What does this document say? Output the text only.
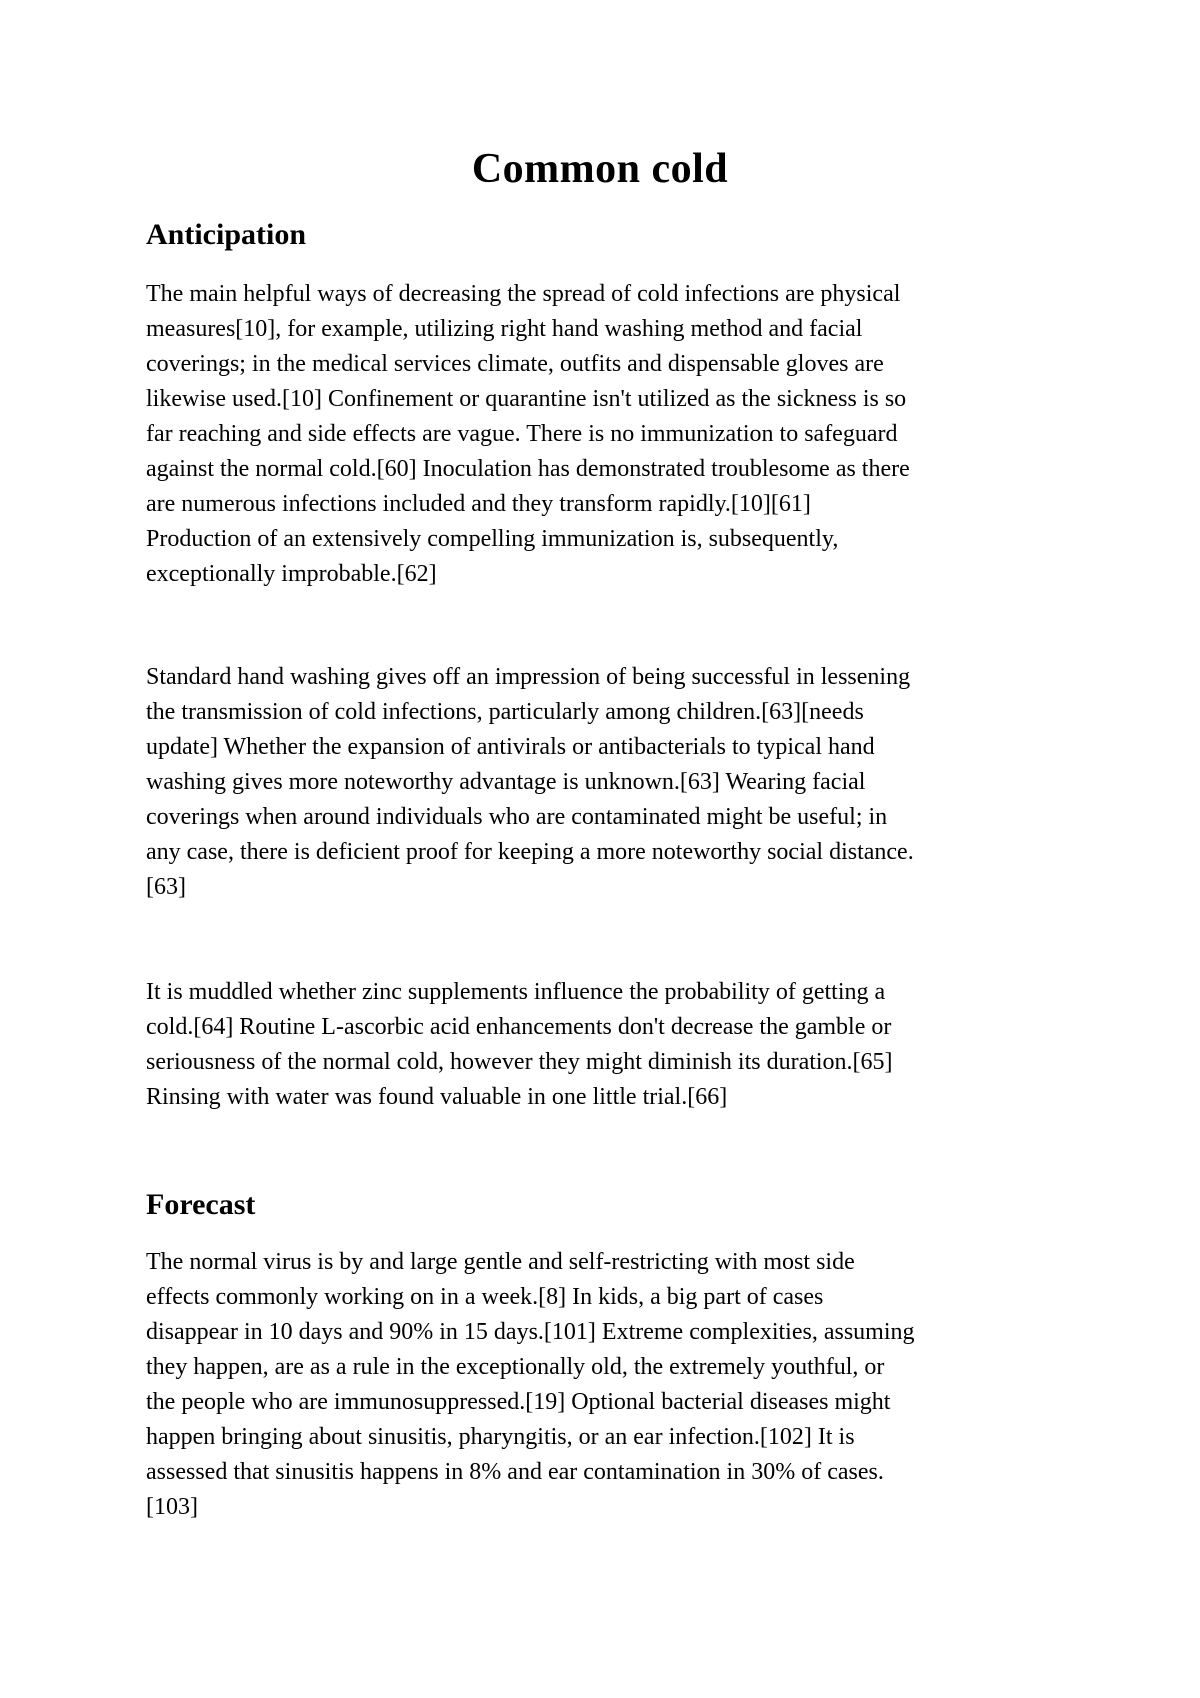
Common cold
Anticipation
The main helpful ways of decreasing the spread of cold infections are physical
measures[10], for example, utilizing right hand washing method and facial
coverings; in the medical services climate, outfits and dispensable gloves are
likewise used.[10] Confinement or quarantine isn't utilized as the sickness is so
far reaching and side effects are vague. There is no immunization to safeguard
against the normal cold.[60] Inoculation has demonstrated troublesome as there
are numerous infections included and they transform rapidly.[10][61]
Production of an extensively compelling immunization is, subsequently,
exceptionally improbable.[62]
Standard hand washing gives off an impression of being successful in lessening
the transmission of cold infections, particularly among children.[63][needs
update] Whether the expansion of antivirals or antibacterials to typical hand
washing gives more noteworthy advantage is unknown.[63] Wearing facial
coverings when around individuals who are contaminated might be useful; in
any case, there is deficient proof for keeping a more noteworthy social distance.
[63]
It is muddled whether zinc supplements influence the probability of getting a
cold.[64] Routine L-ascorbic acid enhancements don't decrease the gamble or
seriousness of the normal cold, however they might diminish its duration.[65]
Rinsing with water was found valuable in one little trial.[66]
Forecast
The normal virus is by and large gentle and self-restricting with most side
effects commonly working on in a week.[8] In kids, a big part of cases
disappear in 10 days and 90% in 15 days.[101] Extreme complexities, assuming
they happen, are as a rule in the exceptionally old, the extremely youthful, or
the people who are immunosuppressed.[19] Optional bacterial diseases might
happen bringing about sinusitis, pharyngitis, or an ear infection.[102] It is
assessed that sinusitis happens in 8% and ear contamination in 30% of cases.
[103]
